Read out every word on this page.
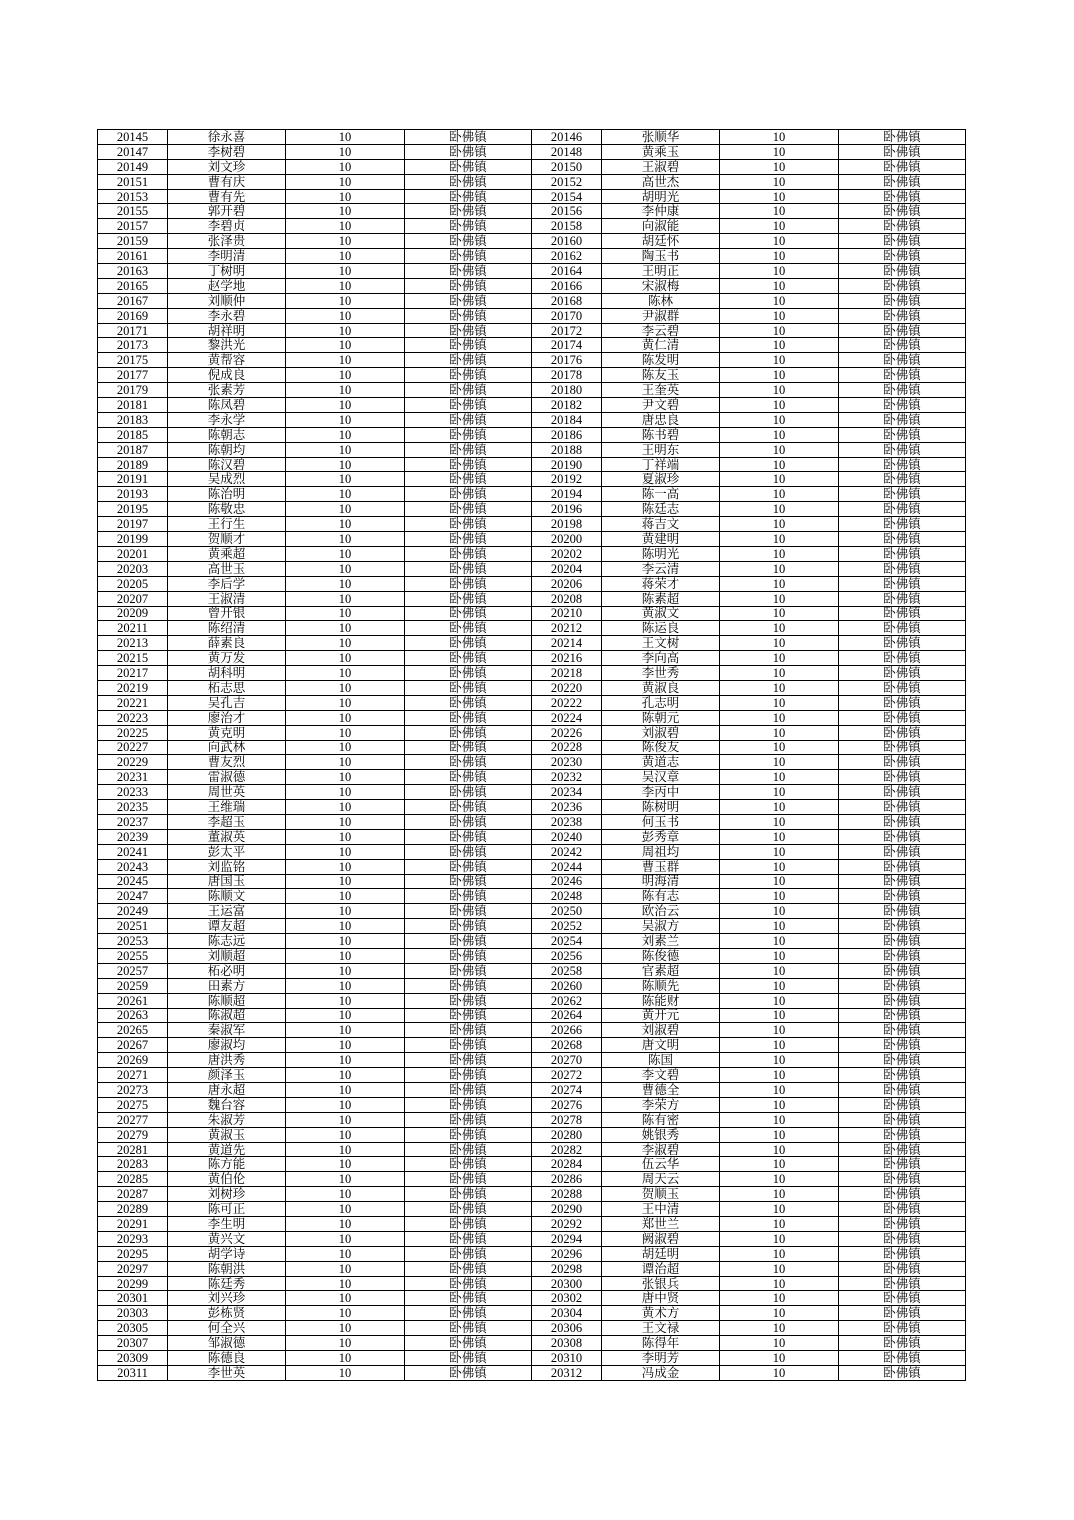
20145	徐永喜	10	卧佛镇	20146	张顺华	10	卧佛镇
20147	李树碧	10	卧佛镇	20148	黄乘玉	10	卧佛镇
20149	刘文珍	10	卧佛镇	20150	王淑碧	10	卧佛镇
20151	曹有庆	10	卧佛镇	20152	高世杰	10	卧佛镇
20153	曹有先	10	卧佛镇	20154	胡明光	10	卧佛镇
20155	郭开碧	10	卧佛镇	20156	李仲康	10	卧佛镇
20157	李碧贞	10	卧佛镇	20158	向淑能	10	卧佛镇
20159	张泽贵	10	卧佛镇	20160	胡廷怀	10	卧佛镇
20161	李明清	10	卧佛镇	20162	陶玉书	10	卧佛镇
20163	丁树明	10	卧佛镇	20164	王明正	10	卧佛镇
20165	赵学地	10	卧佛镇	20166	宋淑梅	10	卧佛镇
20167	刘顺仲	10	卧佛镇	20168	陈林	10	卧佛镇
20169	李永碧	10	卧佛镇	20170	尹淑群	10	卧佛镇
20171	胡祥明	10	卧佛镇	20172	李云碧	10	卧佛镇
20173	黎洪光	10	卧佛镇	20174	黄仁清	10	卧佛镇
20175	黄帮容	10	卧佛镇	20176	陈发明	10	卧佛镇
20177	倪成良	10	卧佛镇	20178	陈友玉	10	卧佛镇
20179	张素芳	10	卧佛镇	20180	王奎英	10	卧佛镇
20181	陈凤碧	10	卧佛镇	20182	尹文碧	10	卧佛镇
20183	李永学	10	卧佛镇	20184	唐忠良	10	卧佛镇
20185	陈朝志	10	卧佛镇	20186	陈书碧	10	卧佛镇
20187	陈朝均	10	卧佛镇	20188	王明东	10	卧佛镇
20189	陈汉碧	10	卧佛镇	20190	丁祥端	10	卧佛镇
20191	吴成烈	10	卧佛镇	20192	夏淑珍	10	卧佛镇
20193	陈治明	10	卧佛镇	20194	陈一高	10	卧佛镇
20195	陈敬忠	10	卧佛镇	20196	陈廷志	10	卧佛镇
20197	王行生	10	卧佛镇	20198	蒋吉文	10	卧佛镇
20199	贺顺才	10	卧佛镇	20200	黄建明	10	卧佛镇
20201	黄乘超	10	卧佛镇	20202	陈明光	10	卧佛镇
20203	高世玉	10	卧佛镇	20204	李云清	10	卧佛镇
20205	李后学	10	卧佛镇	20206	蒋荣才	10	卧佛镇
20207	王淑清	10	卧佛镇	20208	陈素超	10	卧佛镇
20209	曾开银	10	卧佛镇	20210	黄淑文	10	卧佛镇
20211	陈绍清	10	卧佛镇	20212	陈运良	10	卧佛镇
20213	薛素良	10	卧佛镇	20214	王文树	10	卧佛镇
20215	黄万发	10	卧佛镇	20216	李向高	10	卧佛镇
20217	胡科明	10	卧佛镇	20218	李世秀	10	卧佛镇
20219	柘志思	10	卧佛镇	20220	黄淑良	10	卧佛镇
20221	吴孔吉	10	卧佛镇	20222	孔志明	10	卧佛镇
20223	廖治才	10	卧佛镇	20224	陈朝元	10	卧佛镇
20225	黄克明	10	卧佛镇	20226	刘淑碧	10	卧佛镇
20227	向武林	10	卧佛镇	20228	陈俊友	10	卧佛镇
20229	曹友烈	10	卧佛镇	20230	黄道志	10	卧佛镇
20231	雷淑德	10	卧佛镇	20232	吴汉章	10	卧佛镇
20233	周世英	10	卧佛镇	20234	李丙中	10	卧佛镇
20235	王维瑞	10	卧佛镇	20236	陈树明	10	卧佛镇
20237	李超玉	10	卧佛镇	20238	何玉书	10	卧佛镇
20239	董淑英	10	卧佛镇	20240	彭秀章	10	卧佛镇
20241	彭太平	10	卧佛镇	20242	周祖均	10	卧佛镇
20243	刘监铭	10	卧佛镇	20244	曹玉群	10	卧佛镇
20245	唐国玉	10	卧佛镇	20246	明海清	10	卧佛镇
20247	陈顺文	10	卧佛镇	20248	陈有志	10	卧佛镇
20249	王运富	10	卧佛镇	20250	欧治云	10	卧佛镇
20251	谭友超	10	卧佛镇	20252	吴淑方	10	卧佛镇
20253	陈志远	10	卧佛镇	20254	刘素兰	10	卧佛镇
20255	刘顺超	10	卧佛镇	20256	陈俊德	10	卧佛镇
20257	柘必明	10	卧佛镇	20258	官素超	10	卧佛镇
20259	田素方	10	卧佛镇	20260	陈顺先	10	卧佛镇
20261	陈顺超	10	卧佛镇	20262	陈能财	10	卧佛镇
20263	陈淑超	10	卧佛镇	20264	黄开元	10	卧佛镇
20265	秦淑军	10	卧佛镇	20266	刘淑碧	10	卧佛镇
20267	廖淑均	10	卧佛镇	20268	唐文明	10	卧佛镇
20269	唐洪秀	10	卧佛镇	20270	陈国	10	卧佛镇
20271	颜泽玉	10	卧佛镇	20272	李文碧	10	卧佛镇
20273	唐永超	10	卧佛镇	20274	曹德全	10	卧佛镇
20275	魏台容	10	卧佛镇	20276	李荣方	10	卧佛镇
20277	朱淑芳	10	卧佛镇	20278	陈有密	10	卧佛镇
20279	黄淑玉	10	卧佛镇	20280	姚银秀	10	卧佛镇
20281	黄道先	10	卧佛镇	20282	李淑碧	10	卧佛镇
20283	陈方能	10	卧佛镇	20284	伍云华	10	卧佛镇
20285	黄伯伦	10	卧佛镇	20286	周天云	10	卧佛镇
20287	刘树珍	10	卧佛镇	20288	贺顺玉	10	卧佛镇
20289	陈可正	10	卧佛镇	20290	王中清	10	卧佛镇
20291	李生明	10	卧佛镇	20292	郑世兰	10	卧佛镇
20293	黄兴文	10	卧佛镇	20294	阙淑碧	10	卧佛镇
20295	胡学诗	10	卧佛镇	20296	胡廷明	10	卧佛镇
20297	陈朝洪	10	卧佛镇	20298	谭治超	10	卧佛镇
20299	陈廷秀	10	卧佛镇	20300	张银兵	10	卧佛镇
20301	刘兴珍	10	卧佛镇	20302	唐中贤	10	卧佛镇
20303	彭栋贤	10	卧佛镇	20304	黄术方	10	卧佛镇
20305	何全兴	10	卧佛镇	20306	王文禄	10	卧佛镇
20307	邹淑德	10	卧佛镇	20308	陈得年	10	卧佛镇
20309	陈德良	10	卧佛镇	20310	李明芳	10	卧佛镇
20311	李世英	10	卧佛镇	20312	冯成金	10	卧佛镇
